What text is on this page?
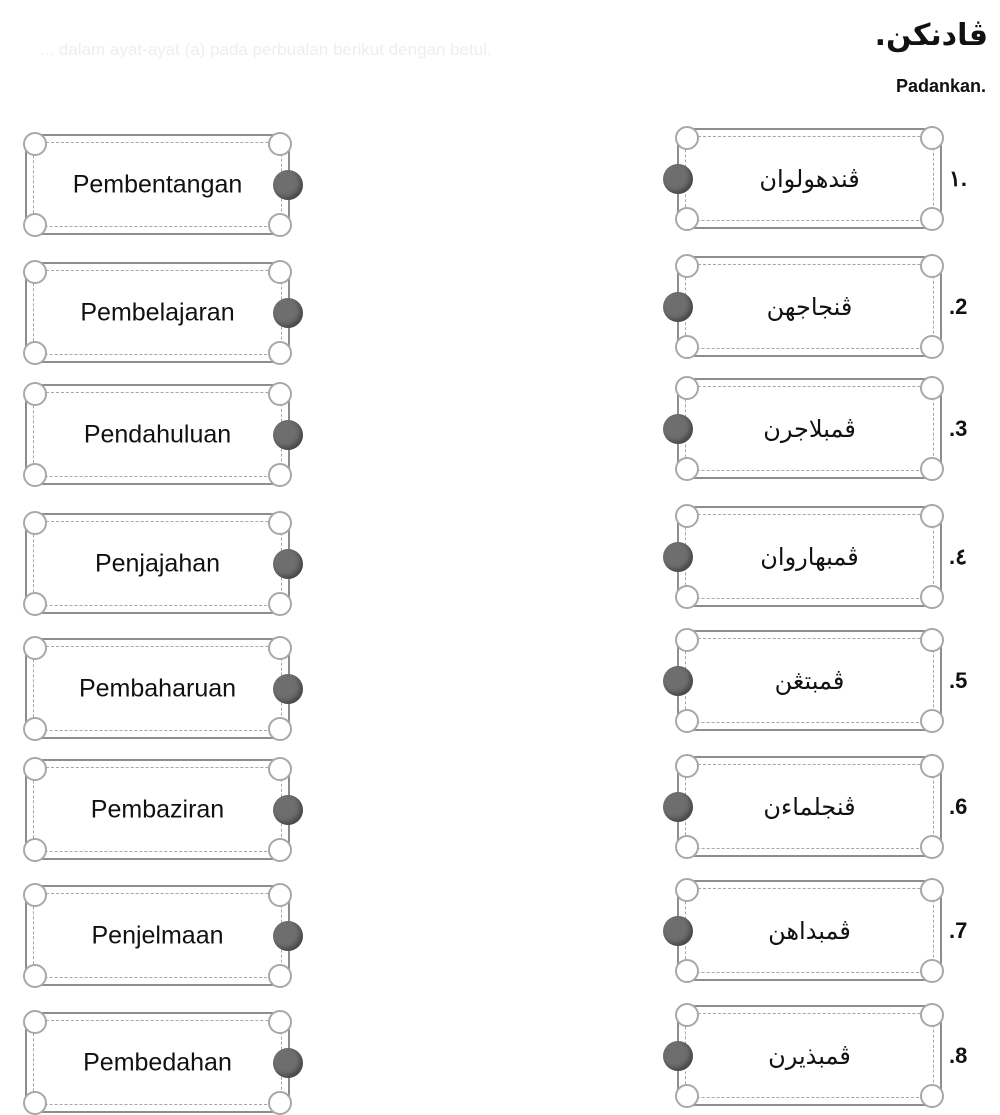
... dalam ayat-ayat (a) pada perbualan berikut dengan betul.	ڤادنكن.
Padankan.
Pembentangan
Pembelajaran
Pendahuluan
Penjajahan
Pembaharuan
Pembaziran
Penjelmaan
Pembedahan
ڤندهولوان
ڤنجاجهن
ڤمبلاجرن
ڤمبهاروان
ڤمبتڠن
ڤنجلماءن
ڤمبداهن
ڤمبذيرن
١.
.2
.3
.٤
.5
.6
.7
.8
